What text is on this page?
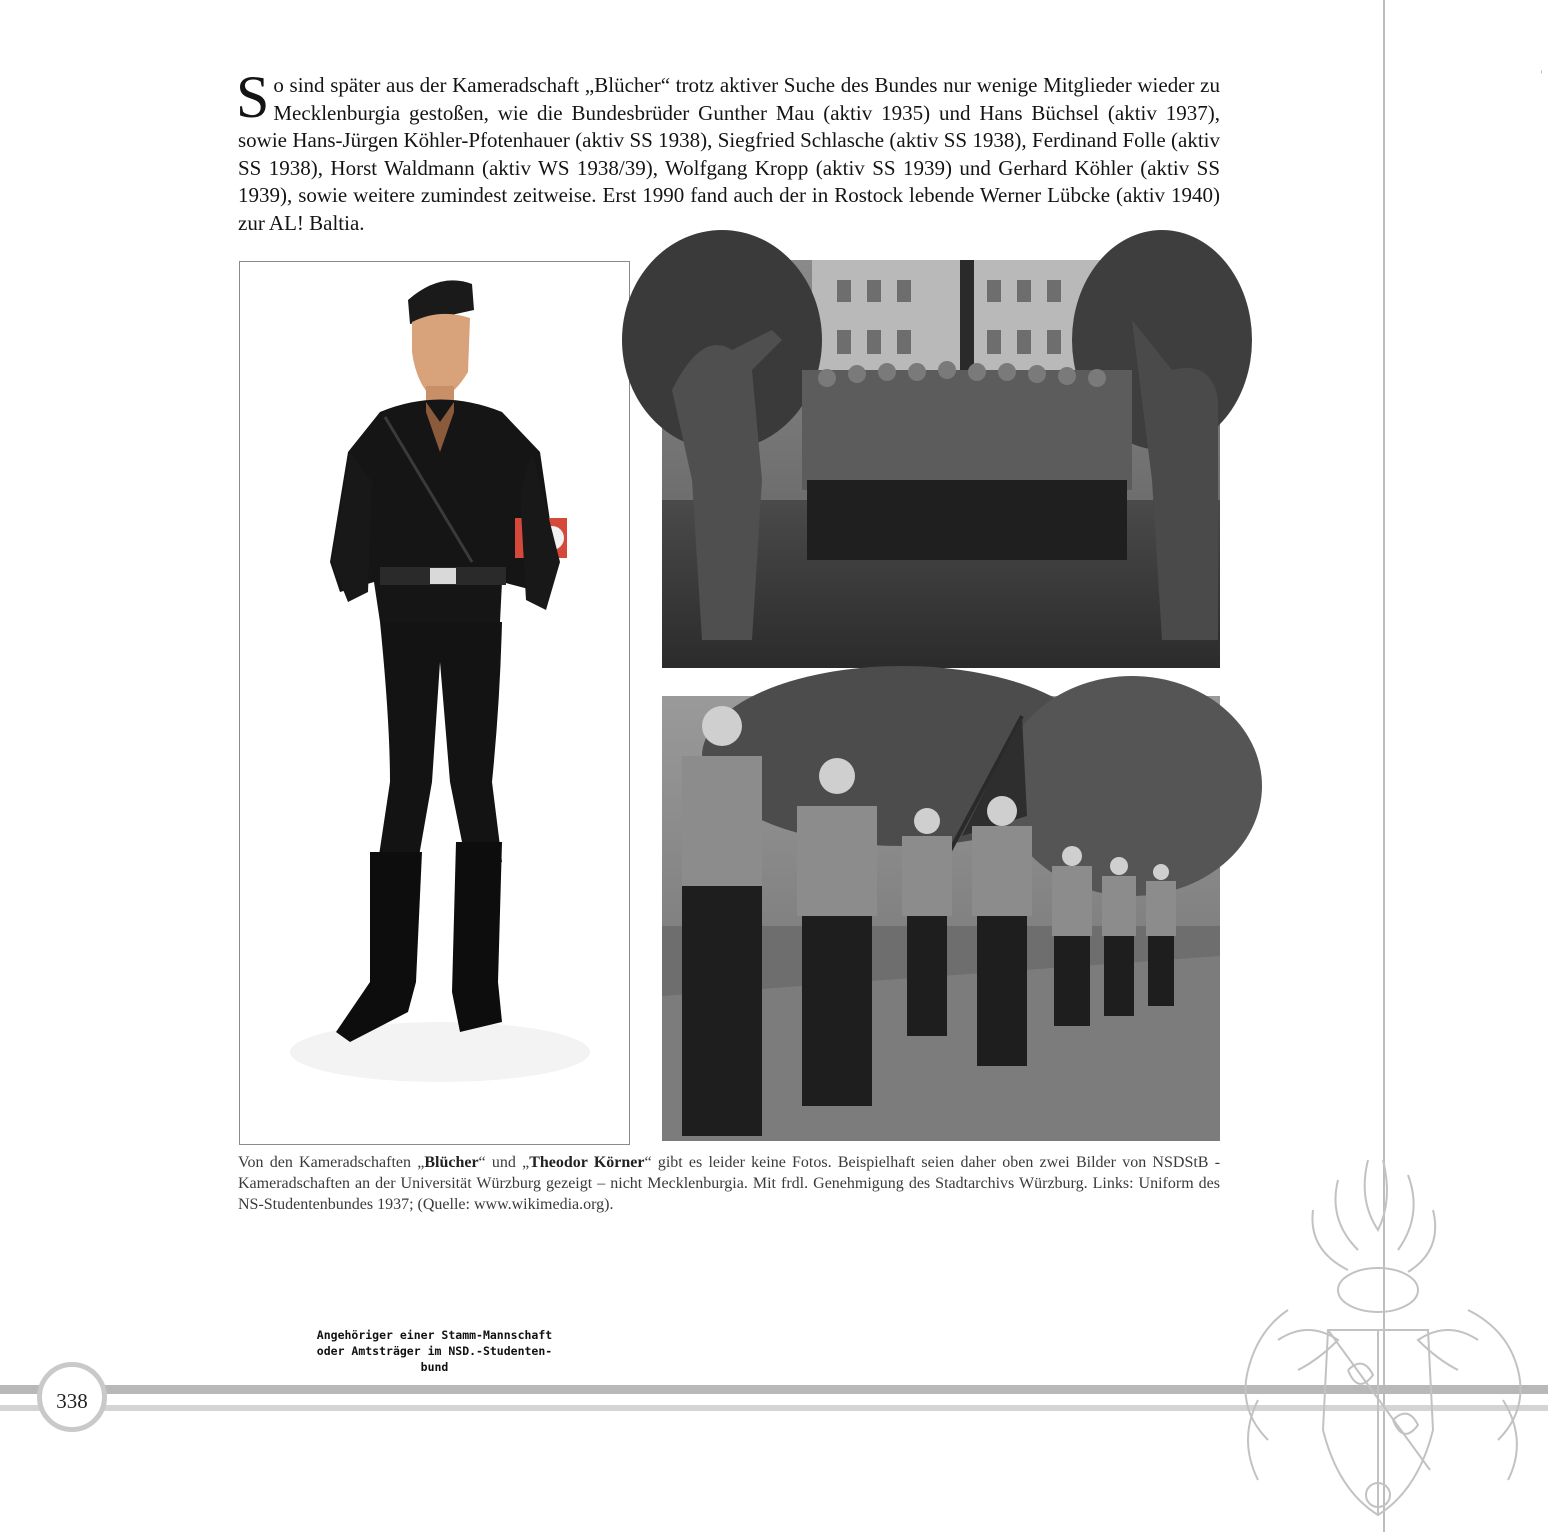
'
So sind später aus der Kameradschaft „Blücher“ trotz aktiver Suche des Bundes nur wenige Mitglieder wieder zu Mecklenburgia gestoßen, wie die Bundesbrüder Gunther Mau (aktiv 1935) und Hans Büchsel (aktiv 1937), sowie Hans-Jürgen Köhler-Pfotenhauer (aktiv SS 1938), Siegfried Schlasche (aktiv SS 1938), Ferdinand Folle (aktiv SS 1938), Horst Waldmann (aktiv WS 1938/39), Wolfgang Kropp (aktiv SS 1939) und Gerhard Köhler (aktiv SS 1939), sowie weitere zumindest zeitweise. Erst 1990 fand auch der in Rostock lebende Werner Lübcke (aktiv 1940) zur AL! Baltia.
Angehöriger einer Stamm-Mannschaft
oder Amtsträger im NSD.-Studenten-
bund
Von den Kameradschaften „Blücher“ und „Theodor Körner“ gibt es leider keine Fotos. Beispielhaft seien daher oben zwei Bilder von NSDStB - Kameradschaften an der Universität Würzburg gezeigt – nicht Mecklenburgia. Mit frdl. Genehmigung des Stadtarchivs Würzburg. Links: Uniform des NS-Studentenbundes 1937; (Quelle: www.wikimedia.org).
338
